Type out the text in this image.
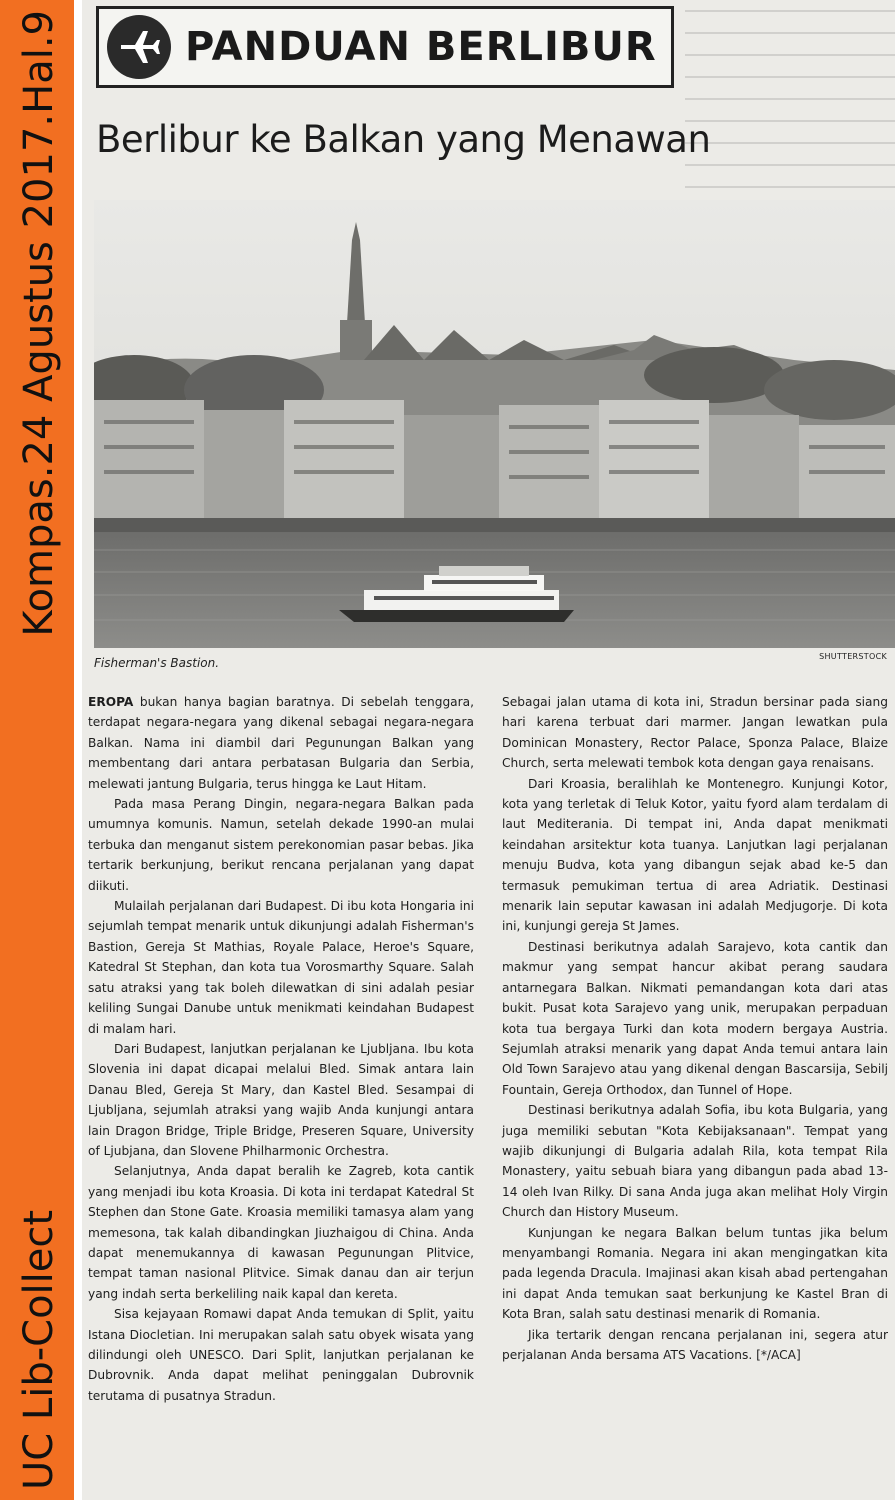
UC Lib-Collect
Kompas.24 Agustus 2017.Hal.9	PANDUAN BERLIBUR
Berlibur ke Balkan yang Menawan
Fisherman's Bastion.	SHUTTERSTOCK

EROPA bukan hanya bagian baratnya. Di sebelah tenggara, terdapat negara-negara yang dikenal sebagai negara-negara Balkan. Nama ini diambil dari Pegunungan Balkan yang membentang dari antara perbatasan Bulgaria dan Serbia, melewati jantung Bulgaria, terus hingga ke Laut Hitam.

Pada masa Perang Dingin, negara-negara Balkan pada umumnya komunis. Namun, setelah dekade 1990-an mulai terbuka dan menganut sistem perekonomian pasar bebas. Jika tertarik berkunjung, berikut rencana perjalanan yang dapat diikuti.

Mulailah perjalanan dari Budapest. Di ibu kota Hongaria ini sejumlah tempat menarik untuk dikunjungi adalah Fisherman's Bastion, Gereja St Mathias, Royale Palace, Heroe's Square, Katedral St Stephan, dan kota tua Vorosmarthy Square. Salah satu atraksi yang tak boleh dilewatkan di sini adalah pesiar keliling Sungai Danube untuk menikmati keindahan Budapest di malam hari.

Dari Budapest, lanjutkan perjalanan ke Ljubljana. Ibu kota Slovenia ini dapat dicapai melalui Bled. Simak antara lain Danau Bled, Gereja St Mary, dan Kastel Bled. Sesampai di Ljubljana, sejumlah atraksi yang wajib Anda kunjungi antara lain Dragon Bridge, Triple Bridge, Preseren Square, University of Ljubjana, dan Slovene Philharmonic Orchestra.

Selanjutnya, Anda dapat beralih ke Zagreb, kota cantik yang menjadi ibu kota Kroasia. Di kota ini terdapat Katedral St Stephen dan Stone Gate. Kroasia memiliki tamasya alam yang memesona, tak kalah dibandingkan Jiuzhaigou di China. Anda dapat menemukannya di kawasan Pegunungan Plitvice, tempat taman nasional Plitvice. Simak danau dan air terjun yang indah serta berkeliling naik kapal dan kereta.

Sisa kejayaan Romawi dapat Anda temukan di Split, yaitu Istana Diocletian. Ini merupakan salah satu obyek wisata yang dilindungi oleh UNESCO. Dari Split, lanjutkan perjalanan ke Dubrovnik. Anda dapat melihat peninggalan Dubrovnik terutama di pusatnya Stradun.

Sebagai jalan utama di kota ini, Stradun bersinar pada siang hari karena terbuat dari marmer. Jangan lewatkan pula Dominican Monastery, Rector Palace, Sponza Palace, Blaize Church, serta melewati tembok kota dengan gaya renaisans.

Dari Kroasia, beralihlah ke Montenegro. Kunjungi Kotor, kota yang terletak di Teluk Kotor, yaitu fyord alam terdalam di laut Mediterania. Di tempat ini, Anda dapat menikmati keindahan arsitektur kota tuanya. Lanjutkan lagi perjalanan menuju Budva, kota yang dibangun sejak abad ke-5 dan termasuk pemukiman tertua di area Adriatik. Destinasi menarik lain seputar kawasan ini adalah Medjugorje. Di kota ini, kunjungi gereja St James.

Destinasi berikutnya adalah Sarajevo, kota cantik dan makmur yang sempat hancur akibat perang saudara antarnegara Balkan. Nikmati pemandangan kota dari atas bukit. Pusat kota Sarajevo yang unik, merupakan perpaduan kota tua bergaya Turki dan kota modern bergaya Austria. Sejumlah atraksi menarik yang dapat Anda temui antara lain Old Town Sarajevo atau yang dikenal dengan Bascarsija, Sebilj Fountain, Gereja Orthodox, dan Tunnel of Hope.

Destinasi berikutnya adalah Sofia, ibu kota Bulgaria, yang juga memiliki sebutan "Kota Kebijaksanaan". Tempat yang wajib dikunjungi di Bulgaria adalah Rila, kota tempat Rila Monastery, yaitu sebuah biara yang dibangun pada abad 13-14 oleh Ivan Rilky. Di sana Anda juga akan melihat Holy Virgin Church dan History Museum.

Kunjungan ke negara Balkan belum tuntas jika belum menyambangi Romania. Negara ini akan mengingatkan kita pada legenda Dracula. Imajinasi akan kisah abad pertengahan ini dapat Anda temukan saat berkunjung ke Kastel Bran di Kota Bran, salah satu destinasi menarik di Romania.

Jika tertarik dengan rencana perjalanan ini, segera atur perjalanan Anda bersama ATS Vacations. [*/ACA]
